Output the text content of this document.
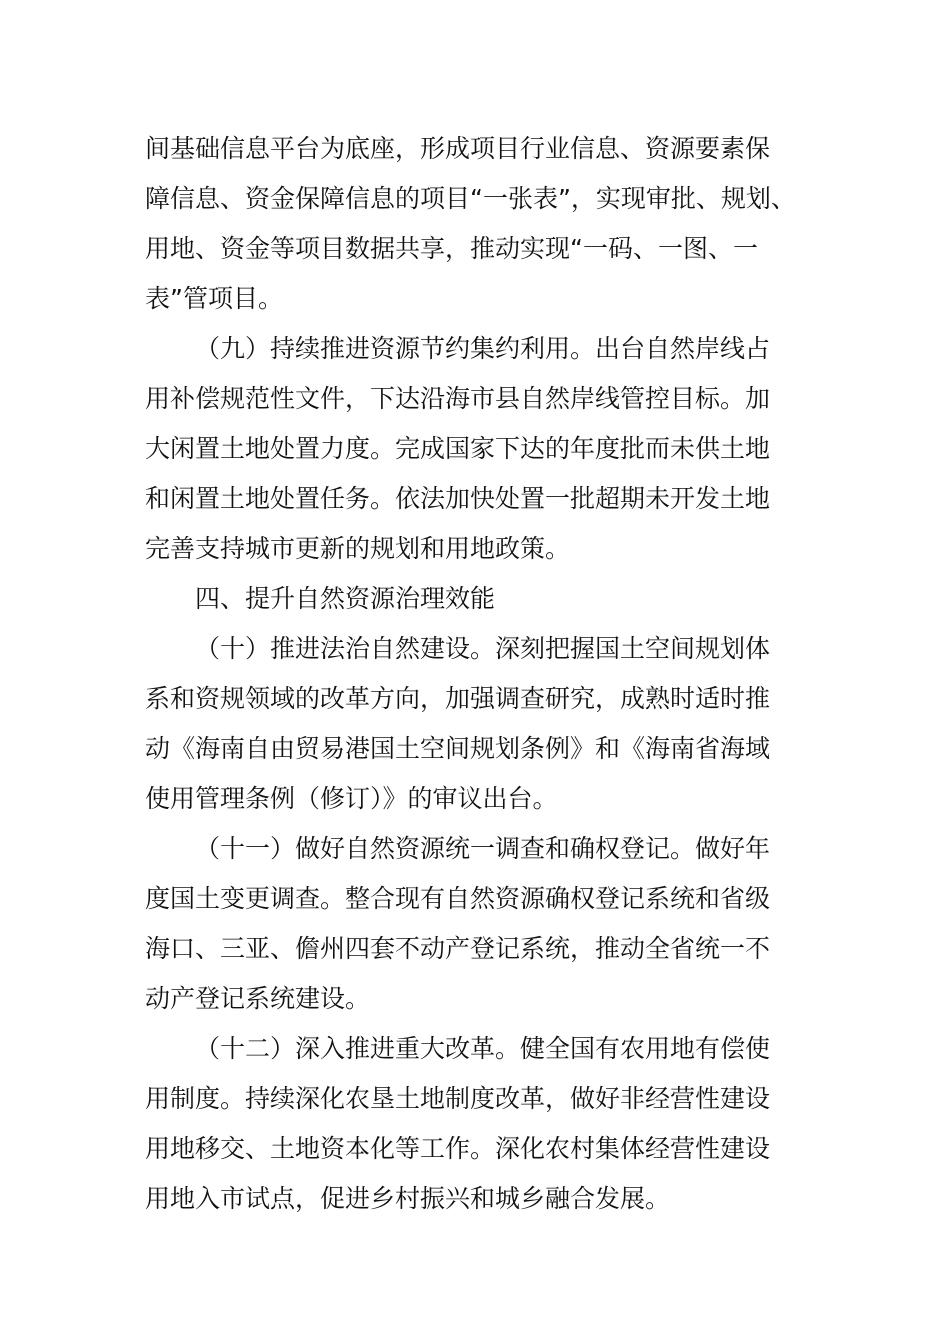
间基础信息平台为底座，形成项目行业信息、资源要素保
障信息、资金保障信息的项目“一张表”，实现审批、规划、
用地、资金等项目数据共享，推动实现“一码、一图、一
表”管项目。
（九）持续推进资源节约集约利用。出台自然岸线占
用补偿规范性文件，下达沿海市县自然岸线管控目标。加
大闲置土地处置力度。完成国家下达的年度批而未供土地
和闲置土地处置任务。依法加快处置一批超期未开发土地
完善支持城市更新的规划和用地政策。
四、提升自然资源治理效能
（十）推进法治自然建设。深刻把握国土空间规划体
系和资规领域的改革方向，加强调查研究，成熟时适时推
动《海南自由贸易港国土空间规划条例》和《海南省海域
使用管理条例（修订）》的审议出台。
（十一）做好自然资源统一调查和确权登记。做好年
度国土变更调查。整合现有自然资源确权登记系统和省级
海口、三亚、儋州四套不动产登记系统，推动全省统一不
动产登记系统建设。
（十二）深入推进重大改革。健全国有农用地有偿使
用制度。持续深化农垦土地制度改革，做好非经营性建设
用地移交、土地资本化等工作。深化农村集体经营性建设
用地入市试点，促进乡村振兴和城乡融合发展。
